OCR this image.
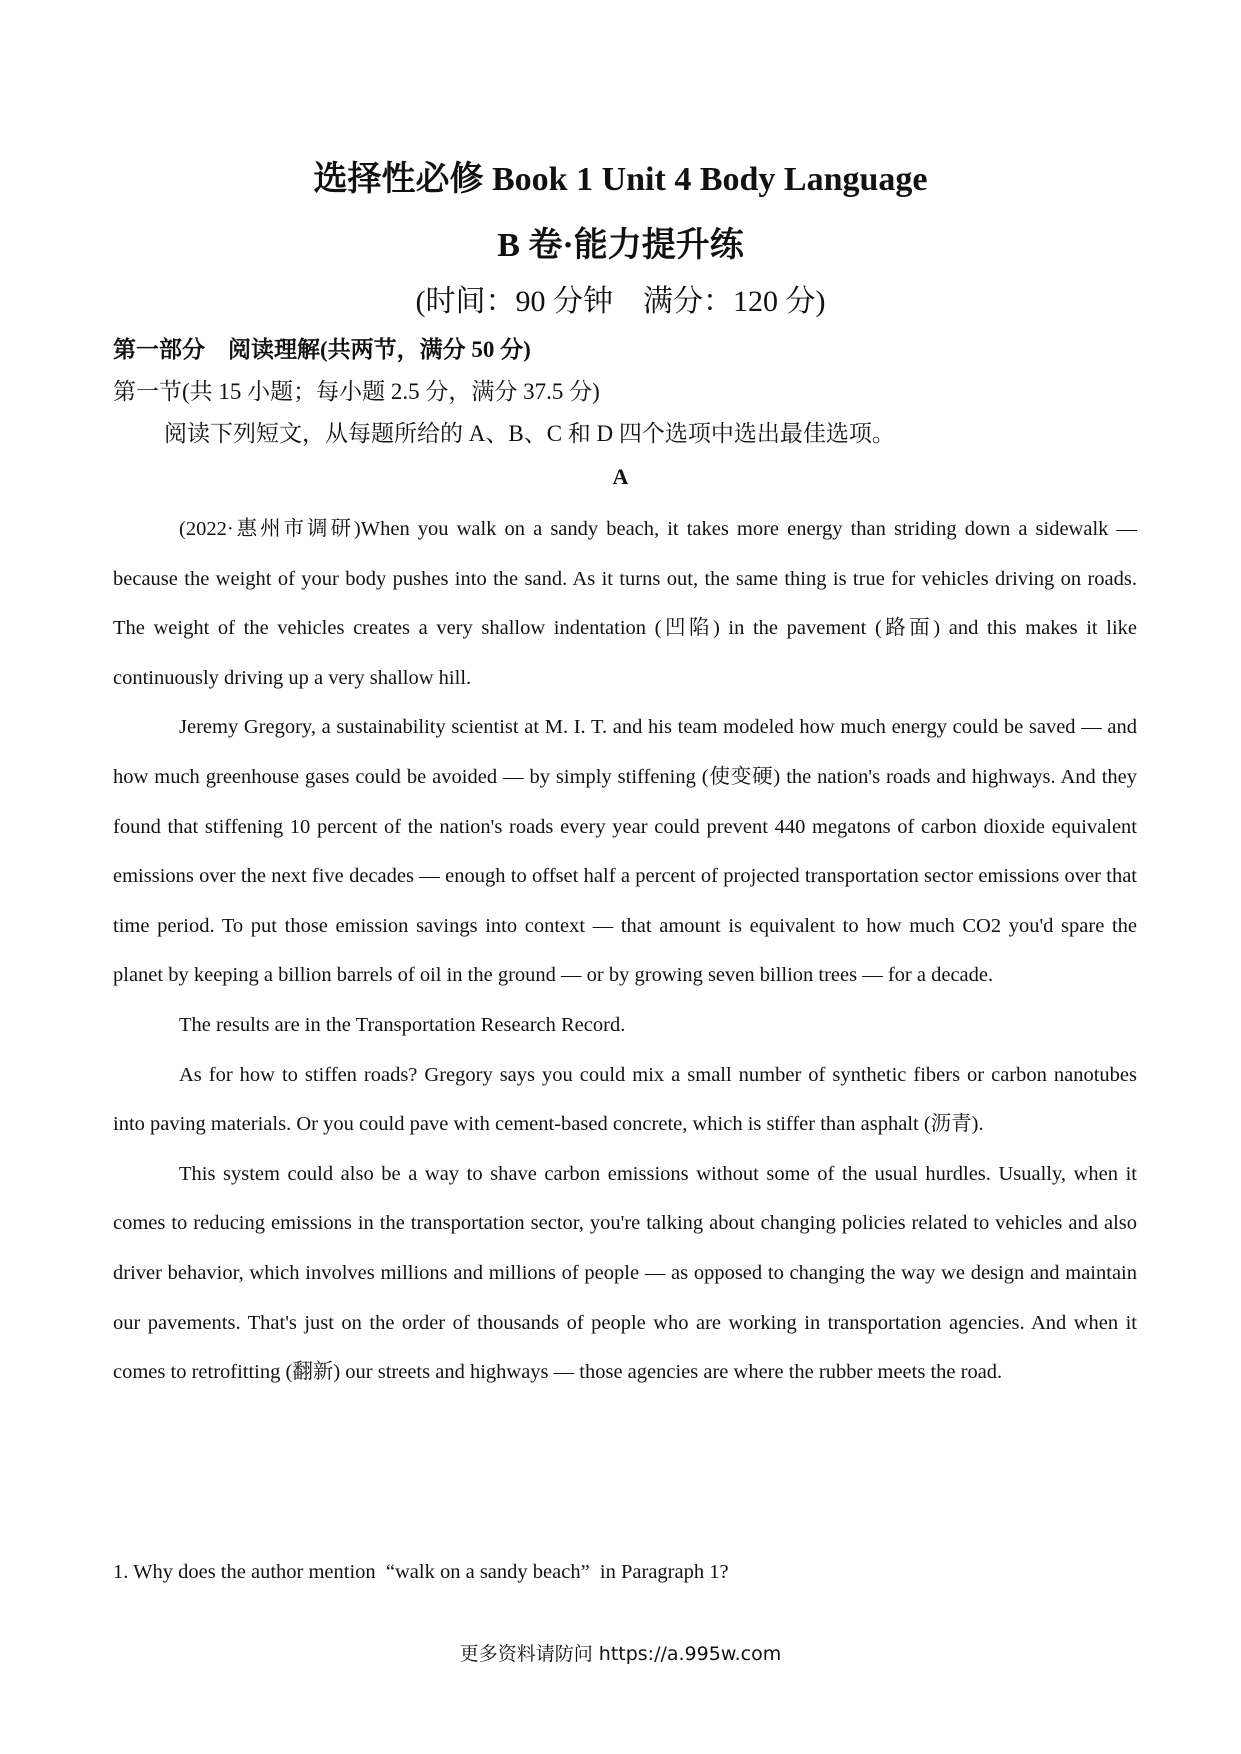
选择性必修 Book 1 Unit 4 Body Language
B 卷·能力提升练
(时间：90 分钟    满分：120 分)
第一部分    阅读理解(共两节，满分 50 分)
第一节(共 15 小题；每小题 2.5 分，满分 37.5 分)
阅读下列短文，从每题所给的 A、B、C 和 D 四个选项中选出最佳选项。
A

(2022·惠州市调研)When you walk on a sandy beach, it takes more energy than striding down a sidewalk — because the weight of your body pushes into the sand. As it turns out, the same thing is true for vehicles driving on roads. The weight of the vehicles creates a very shallow indentation (凹陷) in the pavement (路面) and this makes it like continuously driving up a very shallow hill.

Jeremy Gregory, a sustainability scientist at M. I. T. and his team modeled how much energy could be saved — and how much greenhouse gases could be avoided — by simply stiffening (使变硬) the nation's roads and highways. And they found that stiffening 10 percent of the nation's roads every year could prevent 440 megatons of carbon dioxide equivalent emissions over the next five decades — enough to offset half a percent of projected transportation sector emissions over that time period. To put those emission savings into context — that amount is equivalent to how much CO2 you'd spare the planet by keeping a billion barrels of oil in the ground — or by growing seven billion trees — for a decade.

The results are in the Transportation Research Record.

As for how to stiffen roads? Gregory says you could mix a small number of synthetic fibers or carbon nanotubes into paving materials. Or you could pave with cement-based concrete, which is stiffer than asphalt (沥青).

This system could also be a way to shave carbon emissions without some of the usual hurdles. Usually, when it comes to reducing emissions in the transportation sector, you're talking about changing policies related to vehicles and also driver behavior, which involves millions and millions of people — as opposed to changing the way we design and maintain our pavements. That's just on the order of thousands of people who are working in transportation agencies. And when it comes to retrofitting (翻新) our streets and highways — those agencies are where the rubber meets the road.

1. Why does the author mention  “walk on a sandy beach”  in Paragraph 1?
更多资料请防问 https://a.995w.com
